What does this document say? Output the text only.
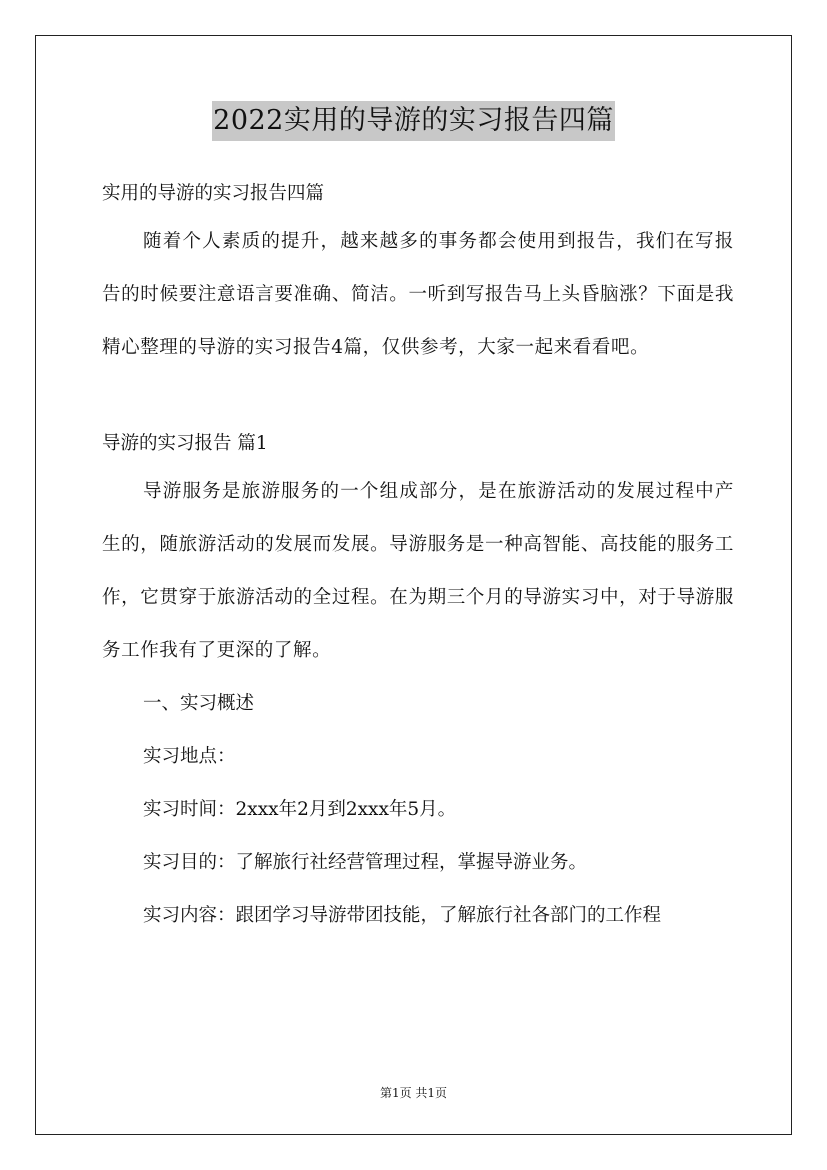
2022实用的导游的实习报告四篇
实用的导游的实习报告四篇
随着个人素质的提升，越来越多的事务都会使用到报告，我们在写报告的时候要注意语言要准确、简洁。一听到写报告马上头昏脑涨？下面是我精心整理的导游的实习报告4篇，仅供参考，大家一起来看看吧。
导游的实习报告 篇1
导游服务是旅游服务的一个组成部分，是在旅游活动的发展过程中产生的，随旅游活动的发展而发展。导游服务是一种高智能、高技能的服务工作，它贯穿于旅游活动的全过程。在为期三个月的导游实习中，对于导游服务工作我有了更深的了解。
一、实习概述
实习地点：
实习时间：2xxx年2月到2xxx年5月。
实习目的：了解旅行社经营管理过程，掌握导游业务。
实习内容：跟团学习导游带团技能，了解旅行社各部门的工作程
第1页 共1页
